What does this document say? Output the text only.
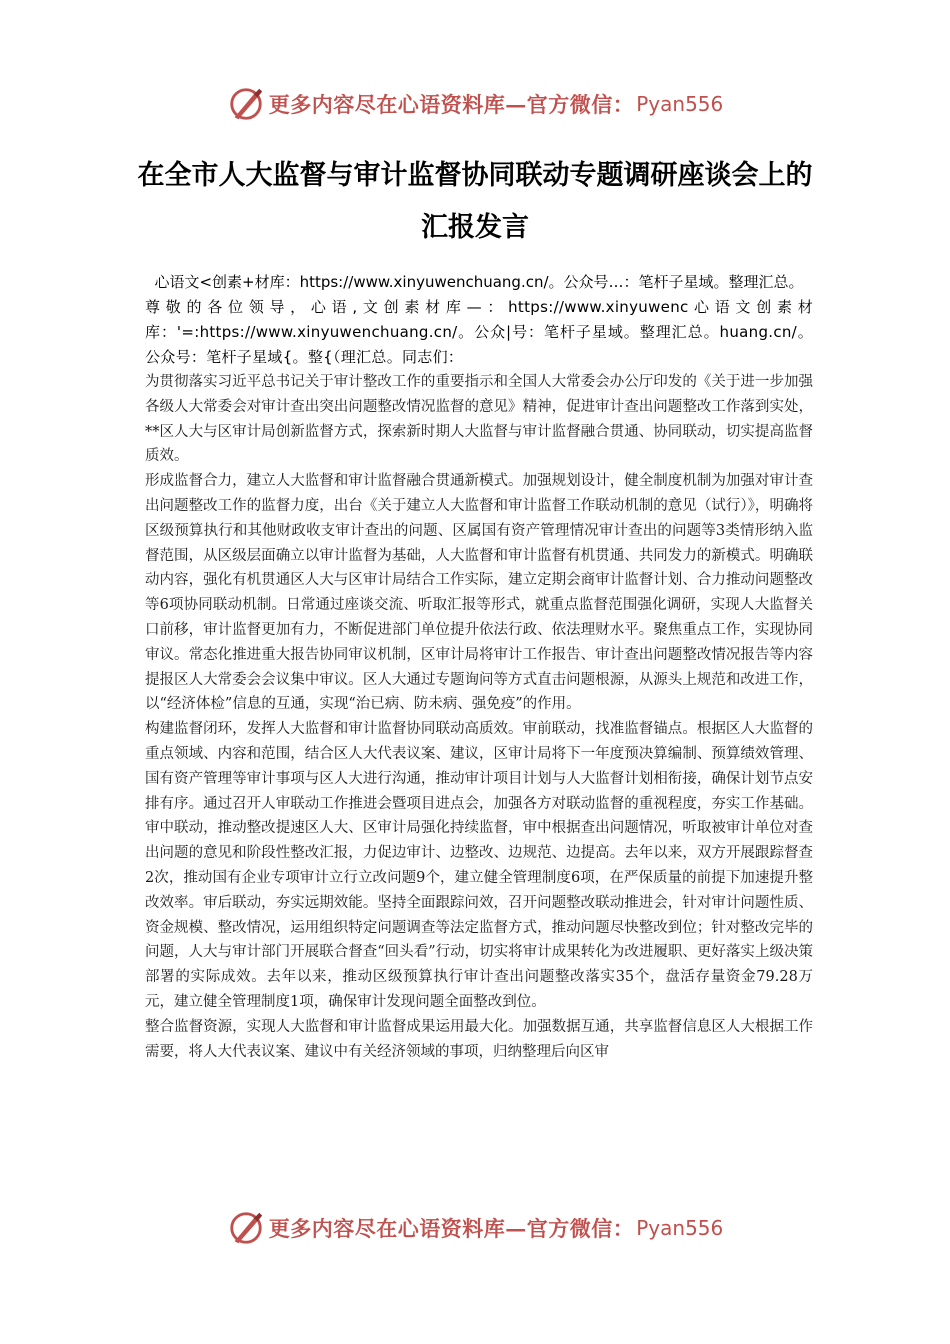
更多内容尽在心语资料库—官方微信： Pyan556
在全市人大监督与审计监督协同联动专题调研座谈会上的汇报发言

心语文<创素+材库：https://www.xinyuwenchuang.cn/。公众号…：笔杆子星域。整理汇总。

尊敬的各位领导，心语,文创素材库—：https://www.xinyuwenc心语文创素材库：'=:https://www.xinyuwenchuang.cn/。公众|号：笔杆子星域。整理汇总。huang.cn/。公众号：笔杆子星域{。整{（理汇总。同志们：

为贯彻落实习近平总书记关于审计整改工作的重要指示和全国人大常委会办公厅印发的《关于进一步加强各级人大常委会对审计查出突出问题整改情况监督的意见》精神，促进审计查出问题整改工作落到实处，**区人大与区审计局创新监督方式，探索新时期人大监督与审计监督融合贯通、协同联动，切实提高监督质效。

形成监督合力，建立人大监督和审计监督融合贯通新模式。加强规划设计，健全制度机制为加强对审计查出问题整改工作的监督力度，出台《关于建立人大监督和审计监督工作联动机制的意见（试行）》，明确将区级预算执行和其他财政收支审计查出的问题、区属国有资产管理情况审计查出的问题等3类情形纳入监督范围，从区级层面确立以审计监督为基础，人大监督和审计监督有机贯通、共同发力的新模式。明确联动内容，强化有机贯通区人大与区审计局结合工作实际，建立定期会商审计监督计划、合力推动问题整改等6项协同联动机制。日常通过座谈交流、听取汇报等形式，就重点监督范围强化调研，实现人大监督关口前移，审计监督更加有力，不断促进部门单位提升依法行政、依法理财水平。聚焦重点工作，实现协同审议。常态化推进重大报告协同审议机制，区审计局将审计工作报告、审计查出问题整改情况报告等内容提报区人大常委会会议集中审议。区人大通过专题询问等方式直击问题根源，从源头上规范和改进工作，以“经济体检”信息的互通，实现“治已病、防未病、强免疫”的作用。

构建监督闭环，发挥人大监督和审计监督协同联动高质效。审前联动，找准监督锚点。根据区人大监督的重点领域、内容和范围，结合区人大代表议案、建议，区审计局将下一年度预决算编制、预算绩效管理、国有资产管理等审计事项与区人大进行沟通，推动审计项目计划与人大监督计划相衔接，确保计划节点安排有序。通过召开人审联动工作推进会暨项目进点会，加强各方对联动监督的重视程度，夯实工作基础。审中联动，推动整改提速区人大、区审计局强化持续监督，审中根据查出问题情况，听取被审计单位对查出问题的意见和阶段性整改汇报，力促边审计、边整改、边规范、边提高。去年以来，双方开展跟踪督查2次，推动国有企业专项审计立行立改问题9个，建立健全管理制度6项，在严保质量的前提下加速提升整改效率。审后联动，夯实远期效能。坚持全面跟踪问效，召开问题整改联动推进会，针对审计问题性质、资金规模、整改情况，运用组织特定问题调查等法定监督方式，推动问题尽快整改到位；针对整改完毕的问题，人大与审计部门开展联合督查“回头看”行动，切实将审计成果转化为改进履职、更好落实上级决策部署的实际成效。去年以来，推动区级预算执行审计查出问题整改落实35个，盘活存量资金79.28万元，建立健全管理制度1项，确保审计发现问题全面整改到位。

整合监督资源，实现人大监督和审计监督成果运用最大化。加强数据互通，共享监督信息区人大根据工作需要，将人大代表议案、建议中有关经济领域的事项，归纳整理后向区审

更多内容尽在心语资料库—官方微信： Pyan556
